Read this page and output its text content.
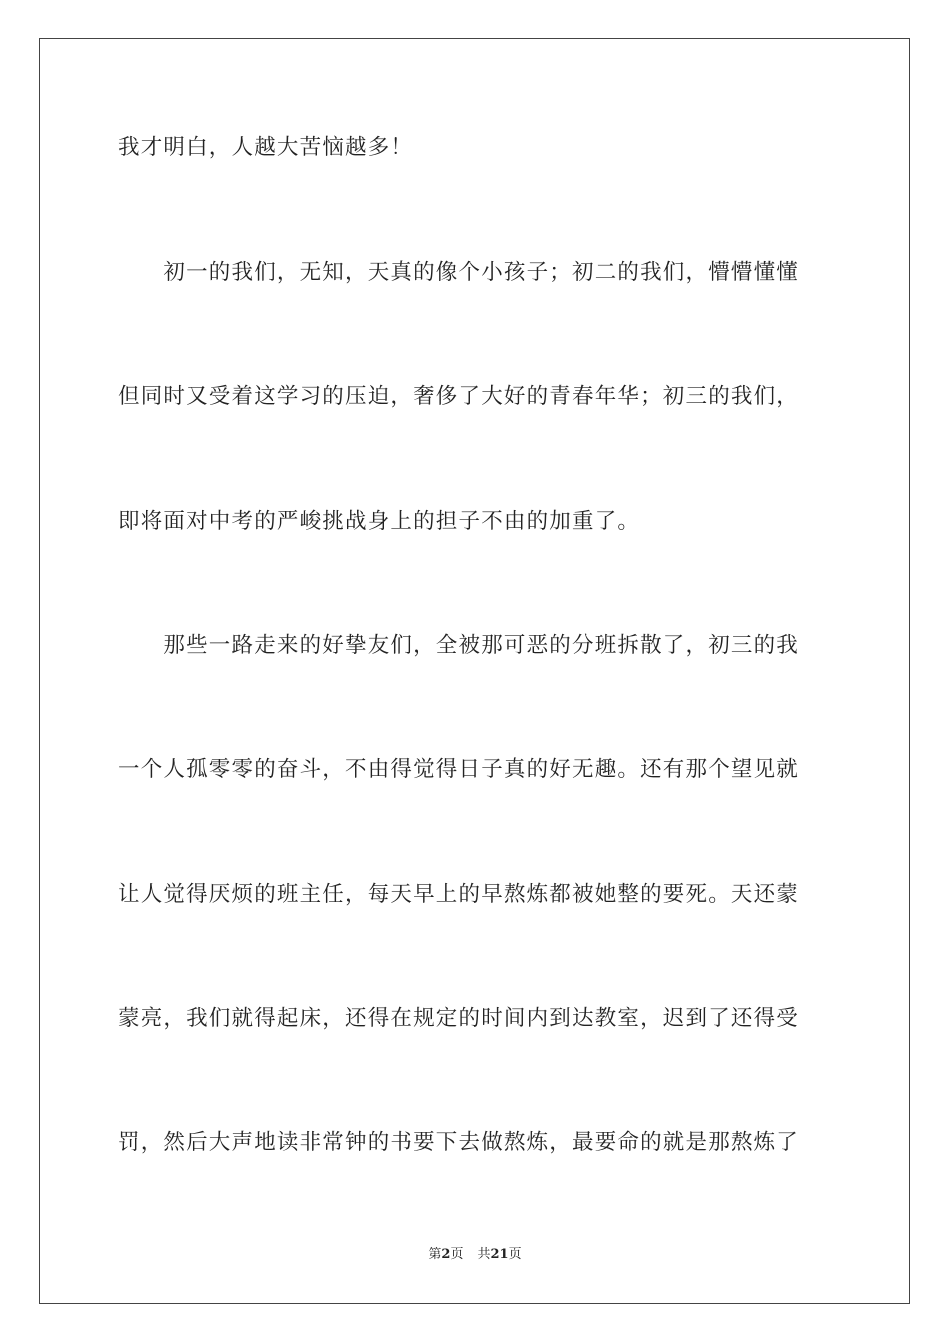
我才明白，人越大苦恼越多！
　　初一的我们，无知，天真的像个小孩子；初二的我们，懵懵懂懂
但同时又受着这学习的压迫，奢侈了大好的青春年华；初三的我们，
即将面对中考的严峻挑战身上的担子不由的加重了。
　　那些一路走来的好挚友们，全被那可恶的分班拆散了，初三的我
一个人孤零零的奋斗，不由得觉得日子真的好无趣。还有那个望见就
让人觉得厌烦的班主任，每天早上的早熬炼都被她整的要死。天还蒙
蒙亮，我们就得起床，还得在规定的时间内到达教室，迟到了还得受
罚，然后大声地读非常钟的书要下去做熬炼，最要命的就是那熬炼了
第2页 共21页
